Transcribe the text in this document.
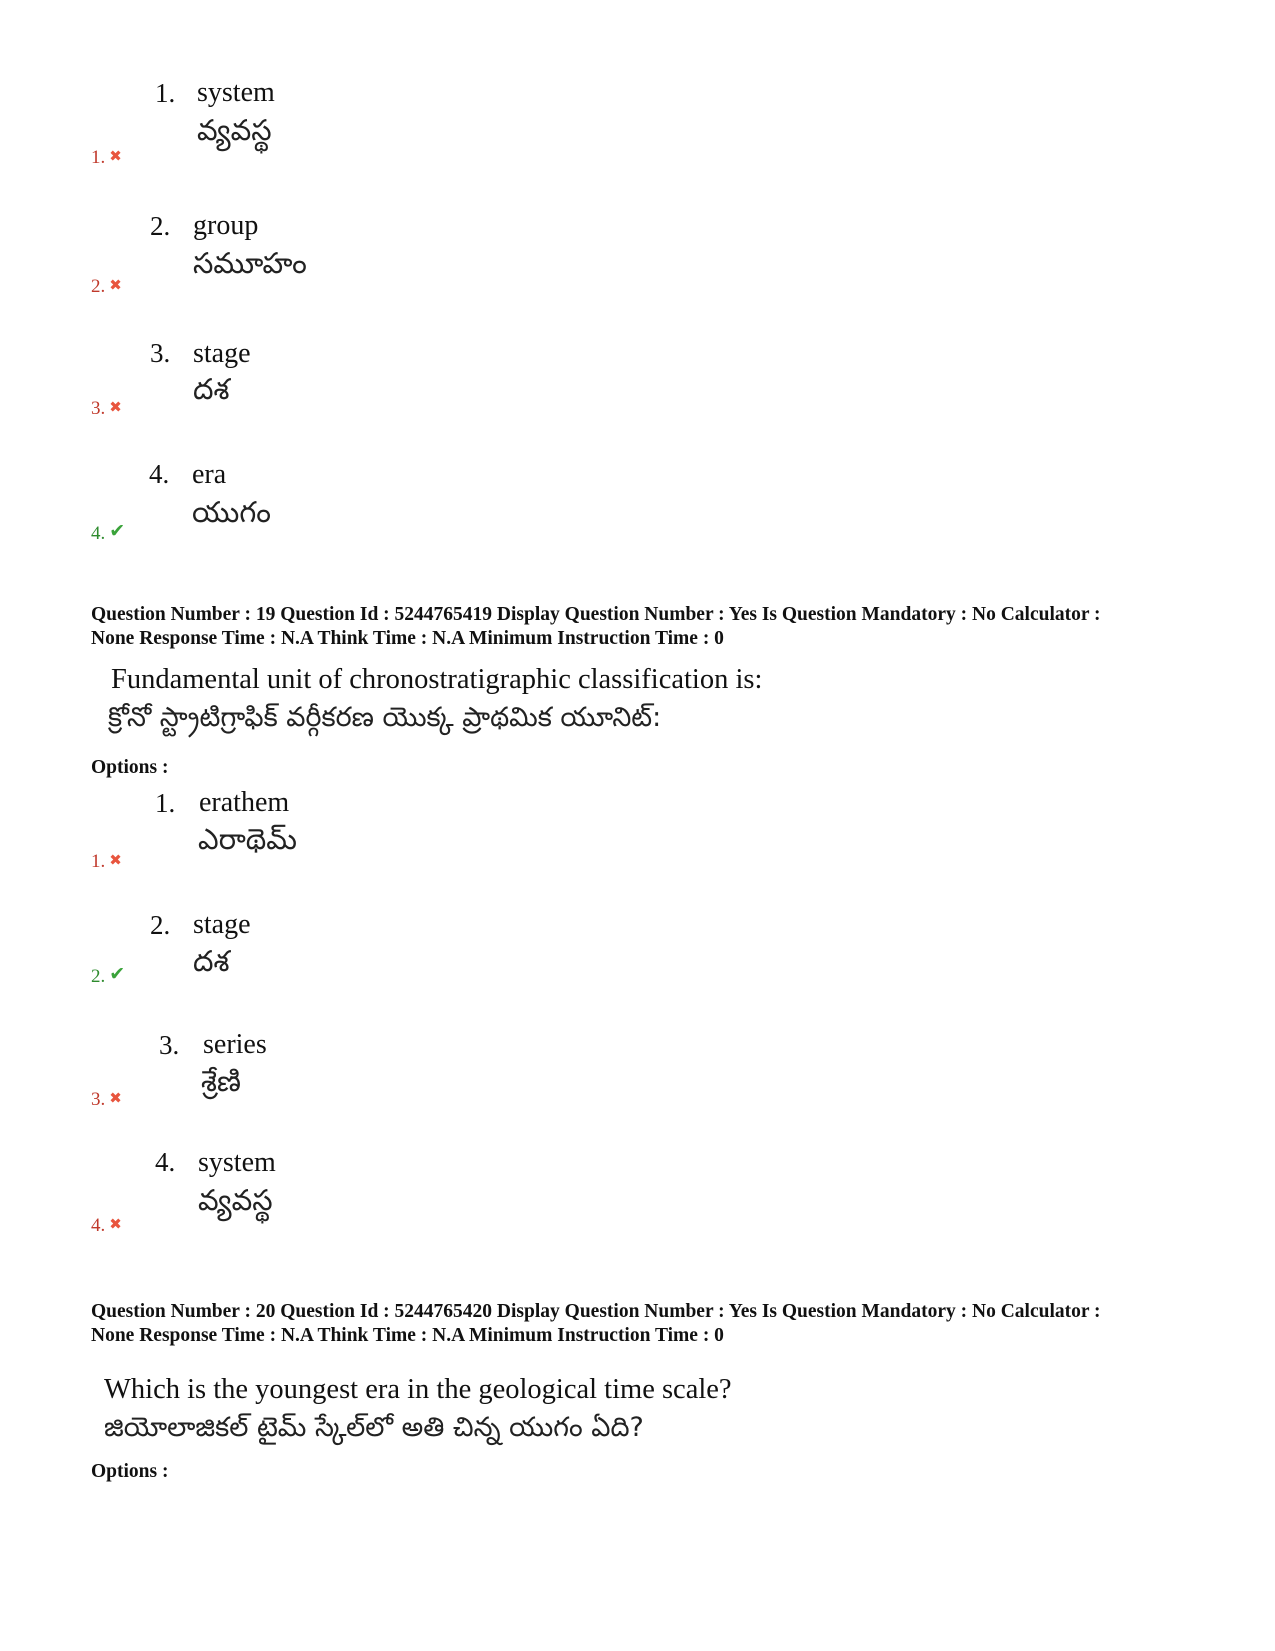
1. ✖
1. system
వ్యవస్థ
2. ✖
2. group
సమూహం
3. ✖
3. stage
దశ
4. ✔
4. era
యుగం

Question Number : 19 Question Id : 5244765419 Display Question Number : Yes Is Question Mandatory : No Calculator :
None Response Time : N.A Think Time : N.A Minimum Instruction Time : 0

Fundamental unit of chronostratigraphic classification is:
క్రోనో స్ట్రాటిగ్రాఫిక్ వర్గీకరణ యొక్క ప్రాథమిక యూనిట్:
Options :
1. ✖
1. erathem
ఎరాథెమ్
2. ✔
2. stage
దశ
3. ✖
3. series
శ్రేణి
4. ✖
4. system
వ్యవస్థ

Question Number : 20 Question Id : 5244765420 Display Question Number : Yes Is Question Mandatory : No Calculator :
None Response Time : N.A Think Time : N.A Minimum Instruction Time : 0

Which is the youngest era in the geological time scale?
జియోలాజికల్ టైమ్ స్కేల్‌లో అతి చిన్న యుగం ఏది?
Options :
